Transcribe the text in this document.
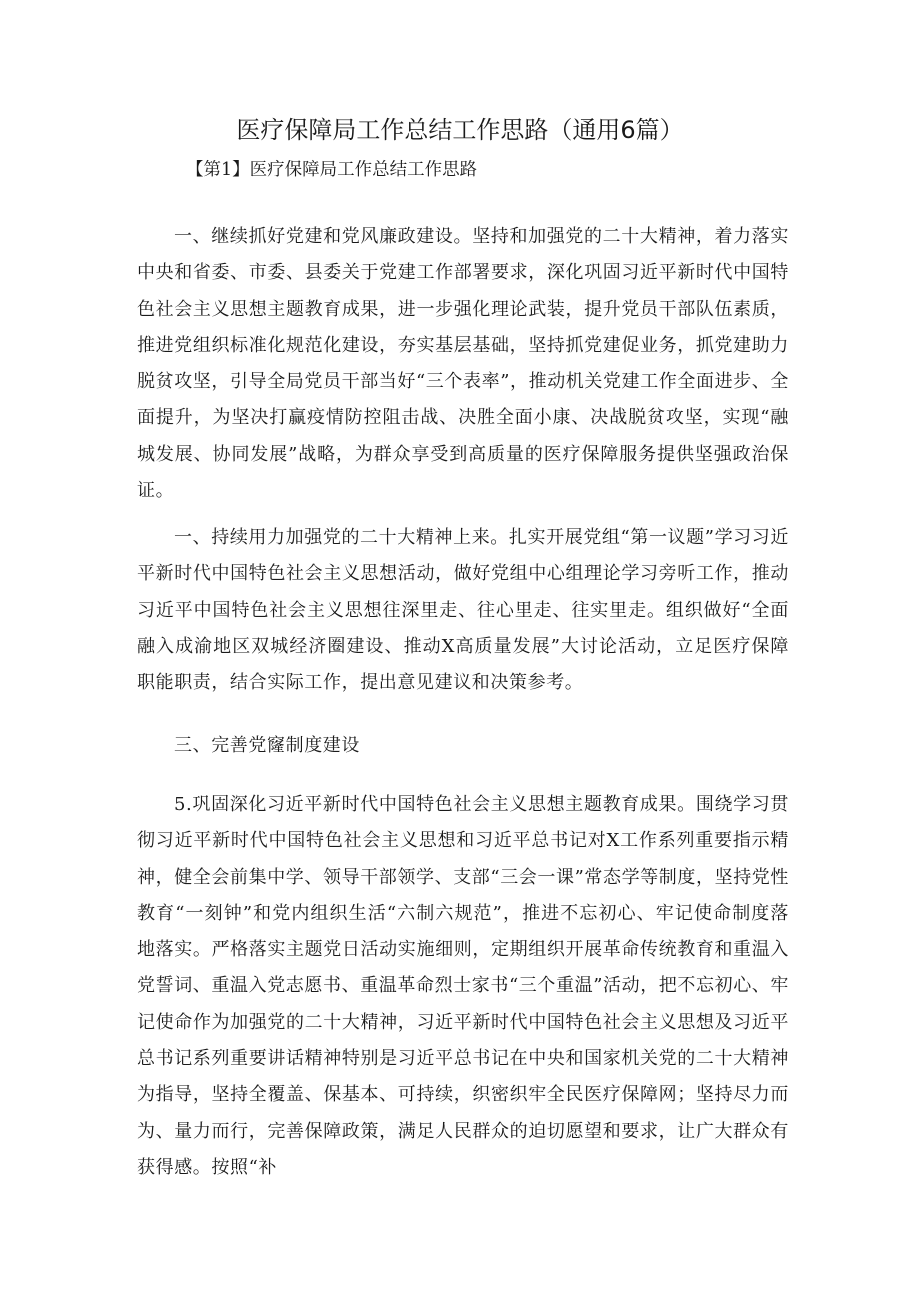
医疗保障局工作总结工作思路（通用6篇）

【第1】医疗保障局工作总结工作思路

一、继续抓好党建和党风廉政建设。坚持和加强党的二十大精神，着力落实中央和省委、市委、县委关于党建工作部署要求，深化巩固习近平新时代中国特色社会主义思想主题教育成果，进一步强化理论武装，提升党员干部队伍素质，推进党组织标准化规范化建设，夯实基层基础，坚持抓党建促业务，抓党建助力脱贫攻坚，引导全局党员干部当好“三个表率”，推动机关党建工作全面进步、全面提升，为坚决打赢疫情防控阻击战、决胜全面小康、决战脱贫攻坚，实现“融城发展、协同发展”战略，为群众享受到高质量的医疗保障服务提供坚强政治保证。

一、持续用力加强党的二十大精神上来。扎实开展党组“第一议题”学习习近平新时代中国特色社会主义思想活动，做好党组中心组理论学习旁听工作，推动习近平中国特色社会主义思想往深里走、往心里走、往实里走。组织做好“全面融入成渝地区双城经济圈建设、推动X高质量发展”大讨论活动，立足医疗保障职能职责，结合实际工作，提出意见建议和决策参考。

三、完善党窿制度建设

5.巩固深化习近平新时代中国特色社会主义思想主题教育成果。围绕学习贯彻习近平新时代中国特色社会主义思想和习近平总书记对X工作系列重要指示精神，健全会前集中学、领导干部领学、支部“三会一课”常态学等制度，坚持党性教育“一刻钟”和党内组织生活“六制六规范”，推进不忘初心、牢记使命制度落地落实。严格落实主题党日活动实施细则，定期组织开展革命传统教育和重温入党誓词、重温入党志愿书、重温革命烈士家书“三个重温”活动，把不忘初心、牢记使命作为加强党的二十大精神，习近平新时代中国特色社会主义思想及习近平总书记系列重要讲话精神特别是习近平总书记在中央和国家机关党的二十大精神为指导，坚持全覆盖、保基本、可持续，织密织牢全民医疗保障网；坚持尽力而为、量力而行，完善保障政策，满足人民群众的迫切愿望和要求，让广大群众有获得感。按照“补
